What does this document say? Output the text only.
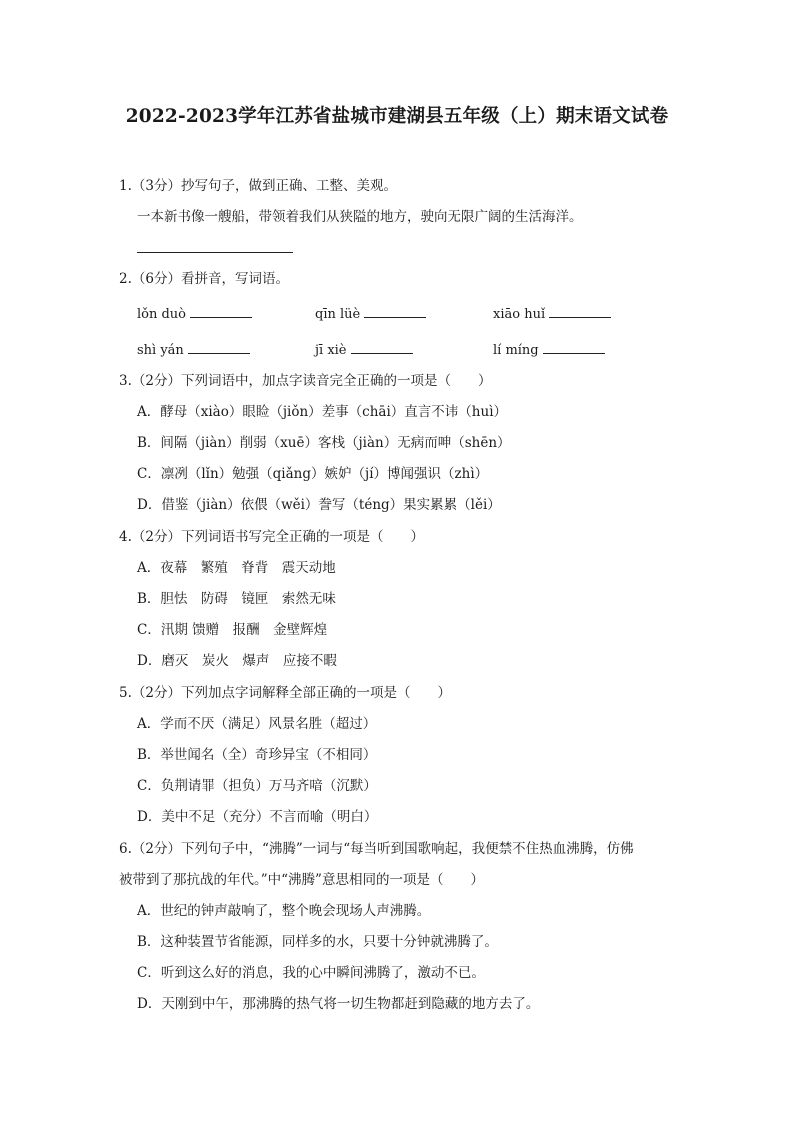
2022-2023学年江苏省盐城市建湖县五年级（上）期末语文试卷
1.（3分）抄写句子，做到正确、工整、美观。
一本新书像一艘船，带领着我们从狭隘的地方，驶向无限广阔的生活海洋。
2.（6分）看拼音，写词语。
lǒn duò	qīn lüè	xiāo huǐ
shì yán	jī xiè	lí míng
3.（2分）下列词语中，加点字读音完全正确的一项是（　　）
A．酵母（xiào）眼睑（jiǒn）差事（chāi）直言不讳（huì）
B．间隔（jiàn）削弱（xuē）客栈（jiàn）无病而呻（shēn）
C．凛冽（lǐn）勉强（qiǎng）嫉妒（jí）博闻强识（zhì）
D．借鉴（jiàn）依偎（wěi）誊写（téng）果实累累（lěi）
4.（2分）下列词语书写完全正确的一项是（　　）
A．夜幕　繁殖　脊背　震天动地
B．胆怯　防碍　镜匣　索然无味
C．汛期 馈赠　报酬　金壁辉煌
D．磨灭　炭火　爆声　应接不暇
5.（2分）下列加点字词解释全部正确的一项是（　　）
A．学而不厌（满足）风景名胜（超过）
B．举世闻名（全）奇珍异宝（不相同）
C．负荆请罪（担负）万马齐喑（沉默）
D．美中不足（充分）不言而喻（明白）
6.（2分）下列句子中，“沸腾”一词与“每当听到国歌响起，我便禁不住热血沸腾，仿佛
被带到了那抗战的年代。”中“沸腾”意思相同的一项是（　　）
A．世纪的钟声敲响了，整个晚会现场人声沸腾。
B．这种装置节省能源，同样多的水，只要十分钟就沸腾了。
C．听到这么好的消息，我的心中瞬间沸腾了，激动不已。
D．天刚到中午，那沸腾的热气将一切生物都赶到隐藏的地方去了。
